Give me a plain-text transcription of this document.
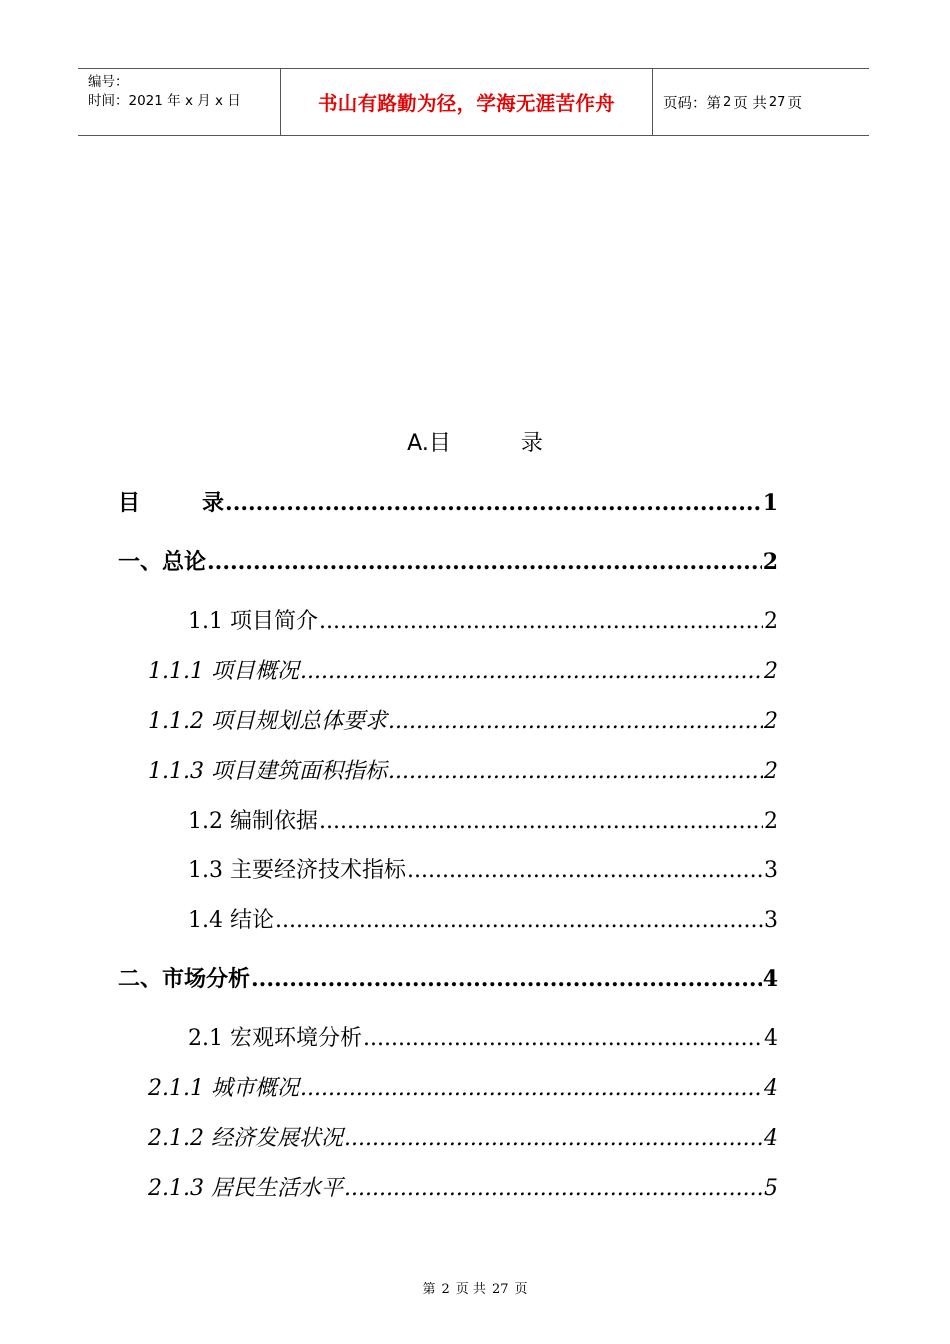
编号：
时间：2021 年 x 月 x 日	书山有路勤为径，学海无涯苦作舟	页码：第 2 页 共 27 页
A.目	录
目	录 .....	1
一、总论 .....	2
1.1 项目简介 .....	2
1.1.1 项目概况 .....	2
1.1.2 项目规划总体要求 .....	2
1.1.3 项目建筑面积指标 .....	2
1.2 编制依据 .....	2
1.3 主要经济技术指标 .....	3
1.4 结论 .....	3
二、市场分析 .....	4
2.1 宏观环境分析 .....	4
2.1.1 城市概况 .....	4
2.1.2 经济发展状况 .....	4
2.1.3 居民生活水平 .....	5
第 2 页 共 27 页
